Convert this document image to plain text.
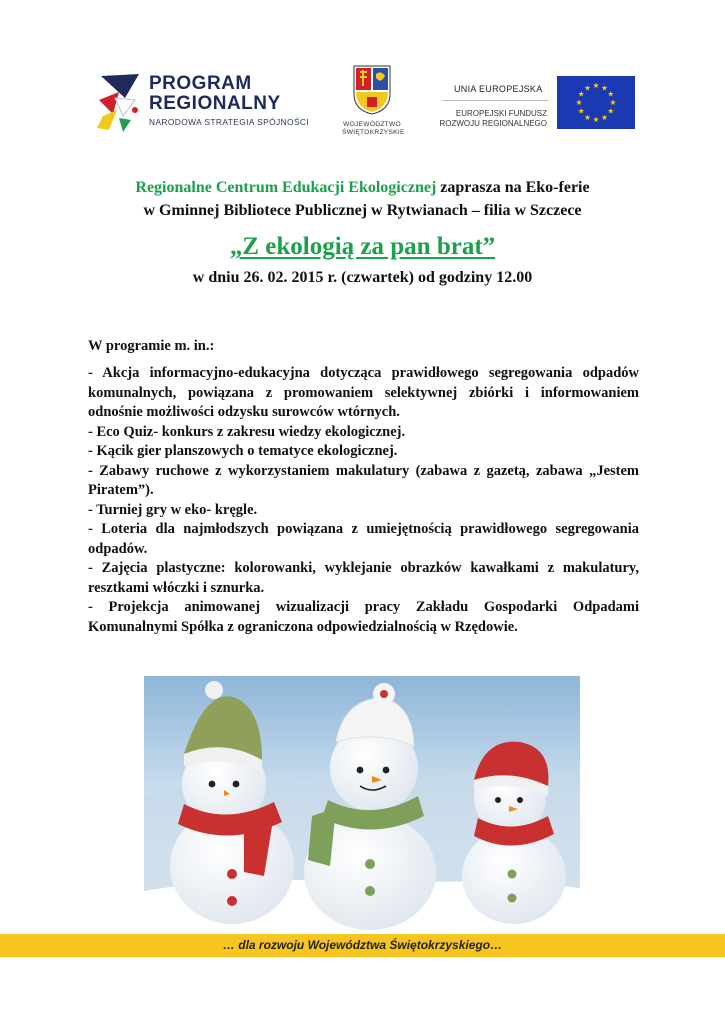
PROGRAM
REGIONALNY
NARODOWA STRATEGIA SPÓJNOŚCI	WOJEWÓDZTWO
ŚWIĘTOKRZYSKIE
UNIA EUROPEJSKA
EUROPEJSKI FUNDUSZ
ROZWOJU REGIONALNEGO
★ ★
★
★
★
★
★
★
★
★
★
★
Regionalne Centrum Edukacji Ekologicznej zaprasza na Eko-ferie
w Gminnej Bibliotece Publicznej w Rytwianach – filia w Szczece
„Z ekologią za pan brat”
w dniu 26. 02. 2015 r. (czwartek) od godziny 12.00
W programie m. in.:

- Akcja informacyjno-edukacyjna dotycząca prawidłowego segregowania odpadów komunalnych, powiązana z promowaniem selektywnej zbiórki i informowaniem odnośnie możliwości odzysku surowców wtórnych.

- Eco Quiz- konkurs z zakresu wiedzy ekologicznej.

- Kącik gier planszowych o tematyce ekologicznej.

- Zabawy ruchowe z wykorzystaniem makulatury (zabawa z gazetą, zabawa „Jestem Piratem”).

- Turniej gry w eko- kręgle.

- Loteria dla najmłodszych powiązana z umiejętnością prawidłowego segregowania odpadów.

- Zajęcia plastyczne: kolorowanki, wyklejanie obrazków kawałkami z makulatury, resztkami włóczki i sznurka.

- Projekcja animowanej wizualizacji pracy Zakładu Gospodarki Odpadami Komunalnymi Spółka z ograniczona odpowiedzialnością w Rzędowie.

… dla rozwoju Województwa Świętokrzyskiego…
